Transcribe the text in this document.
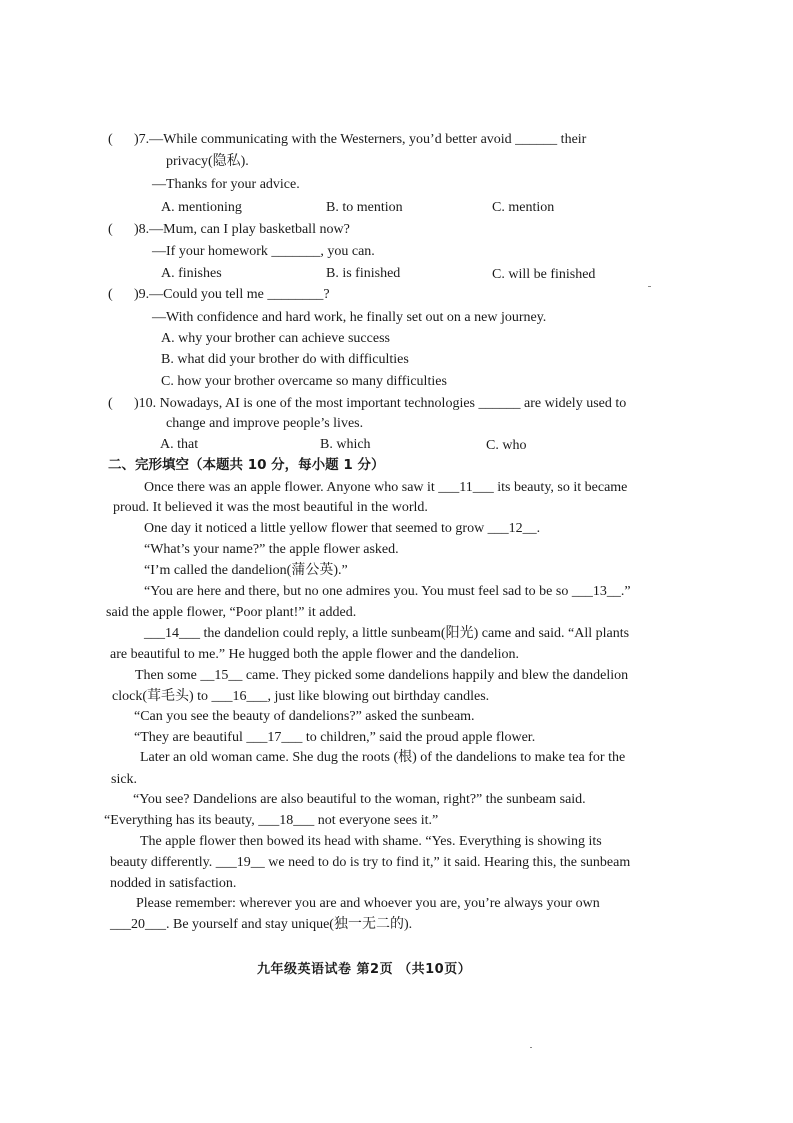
( )7.—While communicating with the Westerners, you’d better avoid ______ their
privacy(隐私).
—Thanks for your advice.
A. mentioning	B. to mention	C. mention
( )8.—Mum, can I play basketball now?
—If your homework _______, you can.
A. finishes	B. is finished	C. will be finished
( )9.—Could you tell me ________?
—With confidence and hard work, he finally set out on a new journey.
A. why your brother can achieve success
B. what did your brother do with difficulties
C. how your brother overcame so many difficulties
( )10. Nowadays, AI is one of the most important technologies ______ are widely used to
change and improve people’s lives.
A. that	B. which	C. who
二、完形填空（本题共 10 分，每小题 1 分）
Once there was an apple flower. Anyone who saw it ___11___ its beauty, so it became
proud. It believed it was the most beautiful in the world.
One day it noticed a little yellow flower that seemed to grow ___12__.
“What’s your name?” the apple flower asked.
“I’m called the dandelion(蒲公英).”
“You are here and there, but no one admires you. You must feel sad to be so ___13__.”
said the apple flower, “Poor plant!” it added.
___14___ the dandelion could reply, a little sunbeam(阳光) came and said. “All plants
are beautiful to me.” He hugged both the apple flower and the dandelion.
Then some __15__ came. They picked some dandelions happily and blew the dandelion
clock(茸毛头) to ___16___, just like blowing out birthday candles.
“Can you see the beauty of dandelions?” asked the sunbeam.
“They are beautiful ___17___ to children,” said the proud apple flower.
Later an old woman came. She dug the roots (根) of the dandelions to make tea for the
sick.
“You see? Dandelions are also beautiful to the woman, right?” the sunbeam said.
“Everything has its beauty, ___18___ not everyone sees it.”
The apple flower then bowed its head with shame. “Yes. Everything is showing its
beauty differently. ___19__ we need to do is try to find it,” it said. Hearing this, the sunbeam
nodded in satisfaction.
Please remember: wherever you are and whoever you are, you’re always your own
___20___. Be yourself and stay unique(独一无二的).
九年级英语试卷 第2页 （共10页）
